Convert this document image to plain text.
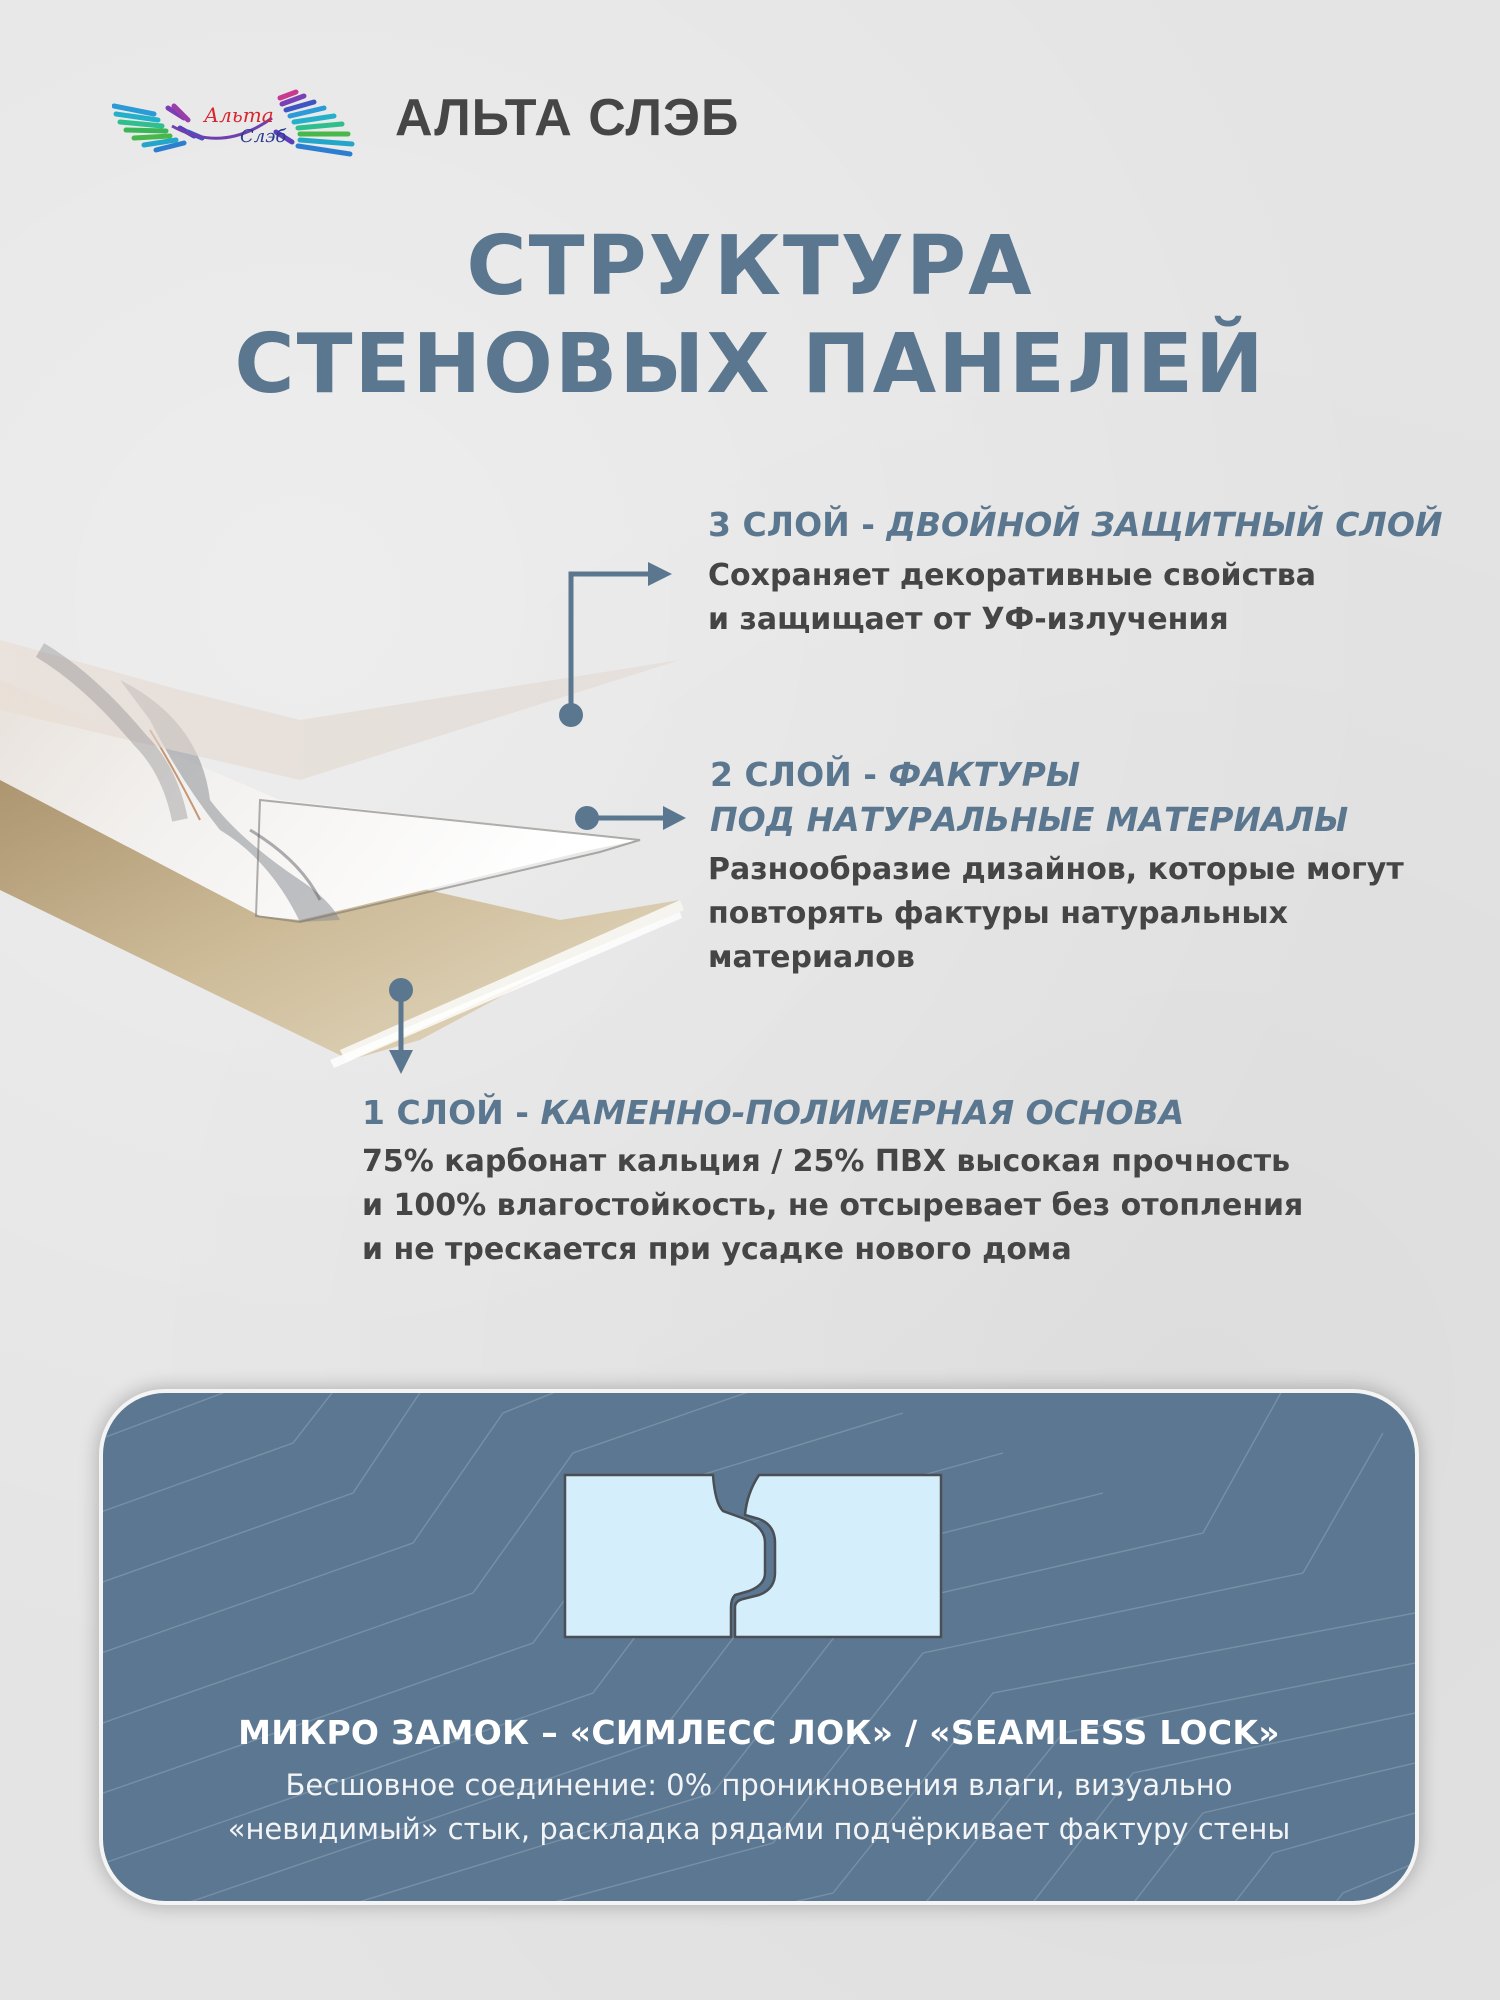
Альта
Слэб АЛЬТА СЛЭБ
СТРУКТУРА
СТЕНОВЫХ ПАНЕЛЕЙ
3 СЛОЙ - ДВОЙНОЙ ЗАЩИТНЫЙ СЛОЙ
Сохраняет декоративные свойства
и защищает от УФ-излучения
2 СЛОЙ - ФАКТУРЫ
ПОД НАТУРАЛЬНЫЕ МАТЕРИАЛЫ
Разнообразие дизайнов, которые могут
повторять фактуры натуральных
материалов
1 СЛОЙ - КАМЕННО-ПОЛИМЕРНАЯ ОСНОВА
75% карбонат кальция / 25% ПВХ высокая прочность
и 100% влагостойкость, не отсыревает без отопления
и не трескается при усадке нового дома
МИКРО ЗАМОК – «СИМЛЕСС ЛОК» / «SEAMLESS LOCK»
Бесшовное соединение: 0% проникновения влаги, визуально
«невидимый» стык, раскладка рядами подчёркивает фактуру стены
